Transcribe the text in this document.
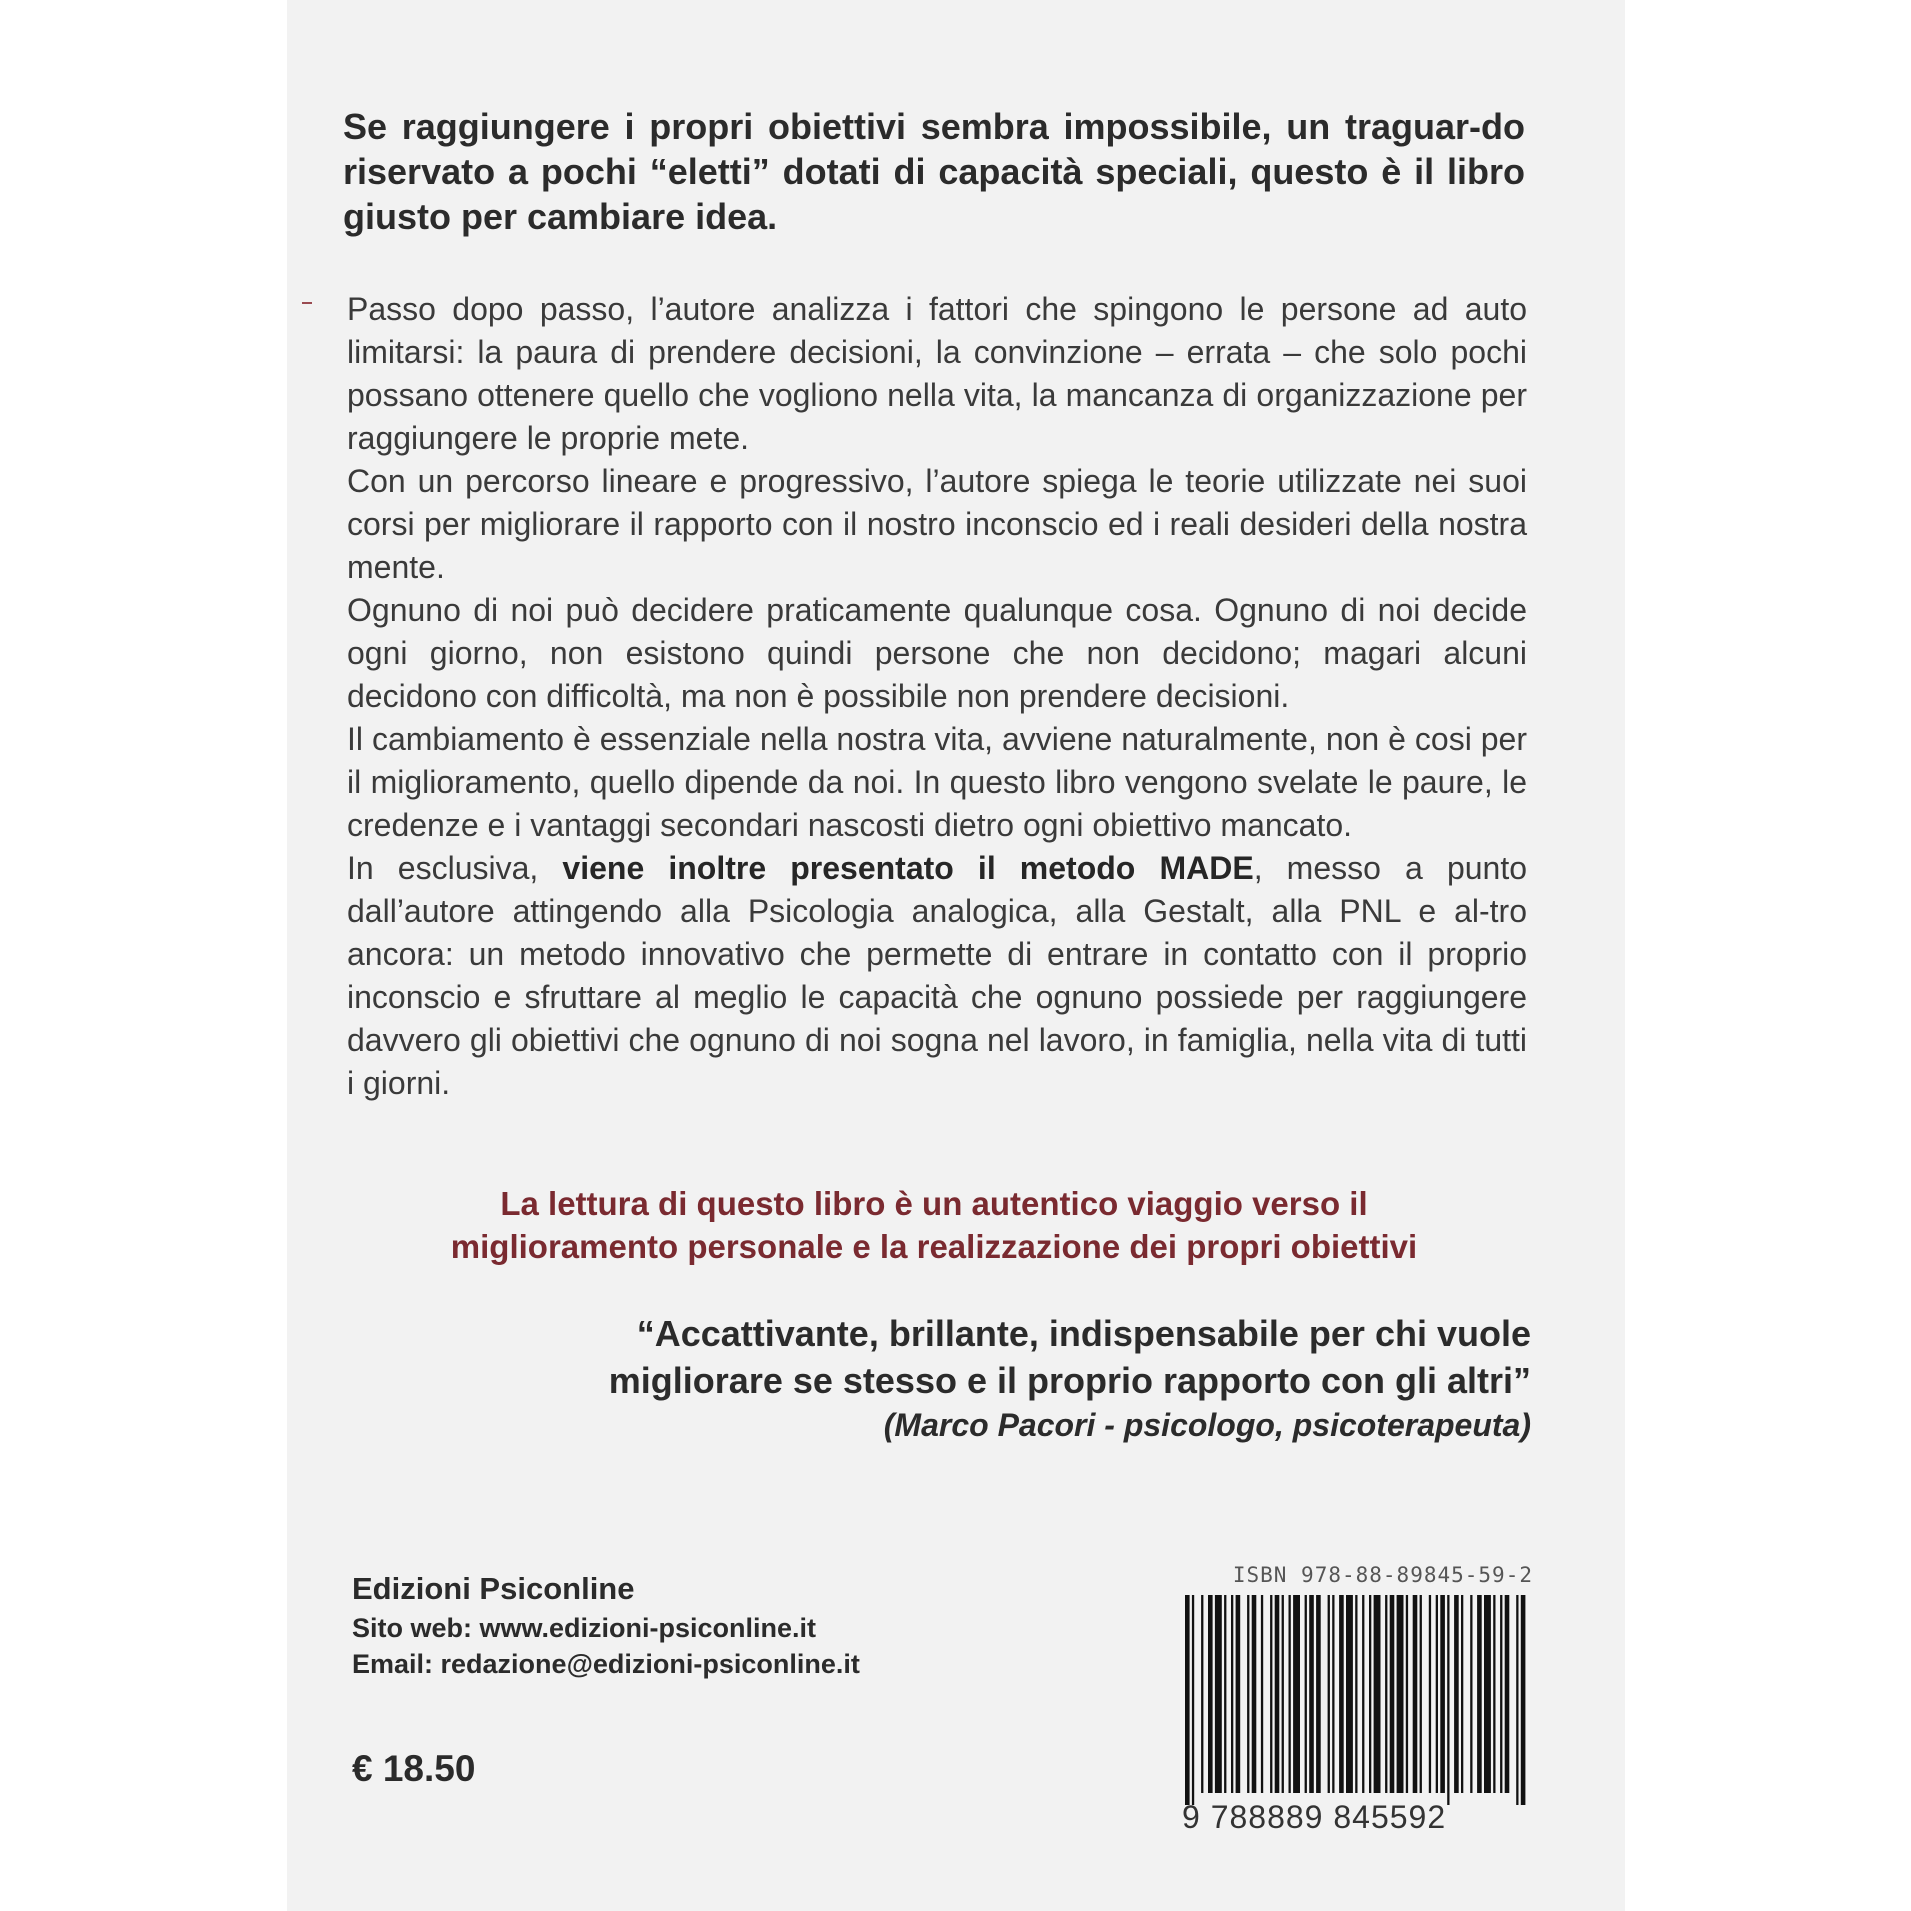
Se raggiungere i propri obiettivi sembra impossibile, un traguar-do riservato a pochi “eletti” dotati di capacità speciali, questo è il libro giusto per cambiare idea.

Passo dopo passo, l’autore analizza i fattori che spingono le persone ad auto limitarsi: la paura di prendere decisioni, la convinzione – errata – che solo pochi possano ottenere quello che vogliono nella vita, la mancanza di organizzazione per raggiungere le proprie mete.

Con un percorso lineare e progressivo, l’autore spiega le teorie utilizzate nei suoi corsi per migliorare il rapporto con il nostro inconscio ed i reali desideri della nostra mente.

Ognuno di noi può decidere praticamente qualunque cosa. Ognuno di noi decide ogni giorno, non esistono quindi persone che non decidono; magari alcuni decidono con difficoltà, ma non è possibile non prendere decisioni.

Il cambiamento è essenziale nella nostra vita, avviene naturalmente, non è cosi per il miglioramento, quello dipende da noi. In questo libro vengono svelate le paure, le credenze e i vantaggi secondari nascosti dietro ogni obiettivo mancato.

In esclusiva, viene inoltre presentato il metodo MADE, messo a punto dall’autore attingendo alla Psicologia analogica, alla Gestalt, alla PNL e al-tro ancora: un metodo innovativo che permette di entrare in contatto con il proprio inconscio e sfruttare al meglio le capacità che ognuno possiede per raggiungere davvero gli obiettivi che ognuno di noi sogna nel lavoro, in famiglia, nella vita di tutti i giorni.

La lettura di questo libro è un autentico viaggio verso il
miglioramento personale e la realizzazione dei propri obiettivi
“Accattivante, brillante, indispensabile per chi vuole
migliorare se stesso e il proprio rapporto con gli altri”
(Marco Pacori - psicologo, psicoterapeuta)
Edizioni Psiconline
Sito web: www.edizioni-psiconline.it
Email: redazione@edizioni-psiconline.it
€ 18.50
ISBN 978-88-89845-59-2
9 788889 845592
